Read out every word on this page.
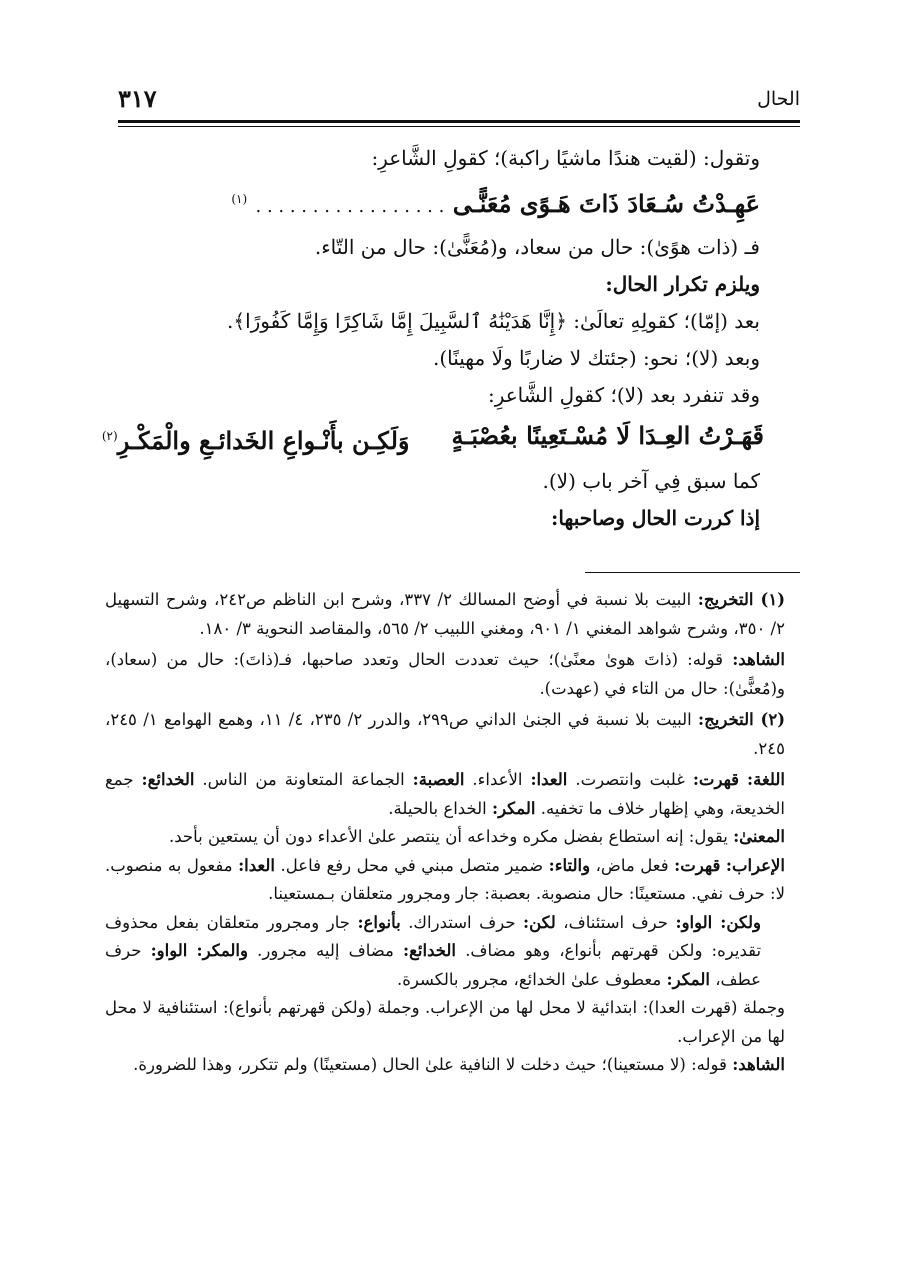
٣١٧	الحال
وتقول: (لقيت هندًا ماشيًا راكبة)؛ كقولِ الشَّاعرِ:
عَهِـدْتُ سُـعَادَ ذَاتَ هَـوًى مُعَنًّـى . . . . . . . . . . . . . . . . . $^{(١)}$
فـ (ذات هوًىٰ): حال من سعاد، و(مُعَنًّىٰ): حال من التّاء.
ويلزم تكرار الحال:
بعد (إمّا)؛ كقولِهِ تعالَىٰ: ﴿إِنَّا هَدَيْنَٰهُ ٱلسَّبِيلَ إِمَّا شَاكِرًا وَإِمَّا كَفُورًا﴾.
وبعد (لا)؛ نحو: (جئتك لا ضاربًا ولَا مهينًا).
وقد تنفرد بعد (لا)؛ كقولِ الشَّاعرِ:
قَهَـرْتُ العِـدَا لَا مُسْـتَعِينًا بعُصْبَـةٍ
وَلَكِـن بأَنْـواعِ الخَدائـعِ والْمَكْـرِ$^{(٢)}$
كما سبق فِي آخر باب (لا).
إذا كررت الحال وصاحبها:
(١) التخريج: البيت بلا نسبة في أوضح المسالك ٢/ ٣٣٧، وشرح ابن الناظم ص٢٤٢، وشرح التسهيل ٢/ ٣٥٠، وشرح شواهد المغني ١/ ٩٠١، ومغني اللبيب ٢/ ٥٦٥، والمقاصد النحوية ٣/ ١٨٠.
الشاهد: قوله: (ذاتَ هوىٰ معنًىٰ)؛ حيث تعددت الحال وتعدد صاحبها، فـ(ذاتَ): حال من (سعاد)، و(مُعنًّىٰ): حال من التاء في (عهدت).
(٢) التخريج: البيت بلا نسبة في الجنىٰ الداني ص٢٩٩، والدرر ٢/ ٢٣٥، ٤/ ١١، وهمع الهوامع ١/ ٢٤٥، ٢٤٥.
اللغة: قهرت: غلبت وانتصرت. العدا: الأعداء. العصبة: الجماعة المتعاونة من الناس. الخدائع: جمع الخديعة، وهي إظهار خلاف ما تخفيه. المكر: الخداع بالحيلة.
المعنىٰ: يقول: إنه استطاع بفضل مكره وخداعه أن ينتصر علىٰ الأعداء دون أن يستعين بأحد.
الإعراب: قهرت: فعل ماض، والتاء: ضمير متصل مبني في محل رفع فاعل. العدا: مفعول به منصوب. لا: حرف نفي. مستعينًا: حال منصوبة. بعصبة: جار ومجرور متعلقان بـمستعينا.
ولكن: الواو: حرف استئناف، لكن: حرف استدراك. بأنواع: جار ومجرور متعلقان بفعل محذوف تقديره: ولكن قهرتهم بأنواع، وهو مضاف. الخدائع: مضاف إليه مجرور. والمكر: الواو: حرف عطف، المكر: معطوف علىٰ الخدائع، مجرور بالكسرة.
وجملة (قهرت العدا): ابتدائية لا محل لها من الإعراب. وجملة (ولكن قهرتهم بأنواع): استئنافية لا محل لها من الإعراب.
الشاهد: قوله: (لا مستعينا)؛ حيث دخلت لا النافية علىٰ الحال (مستعينًا) ولم تتكرر، وهذا للضرورة.
